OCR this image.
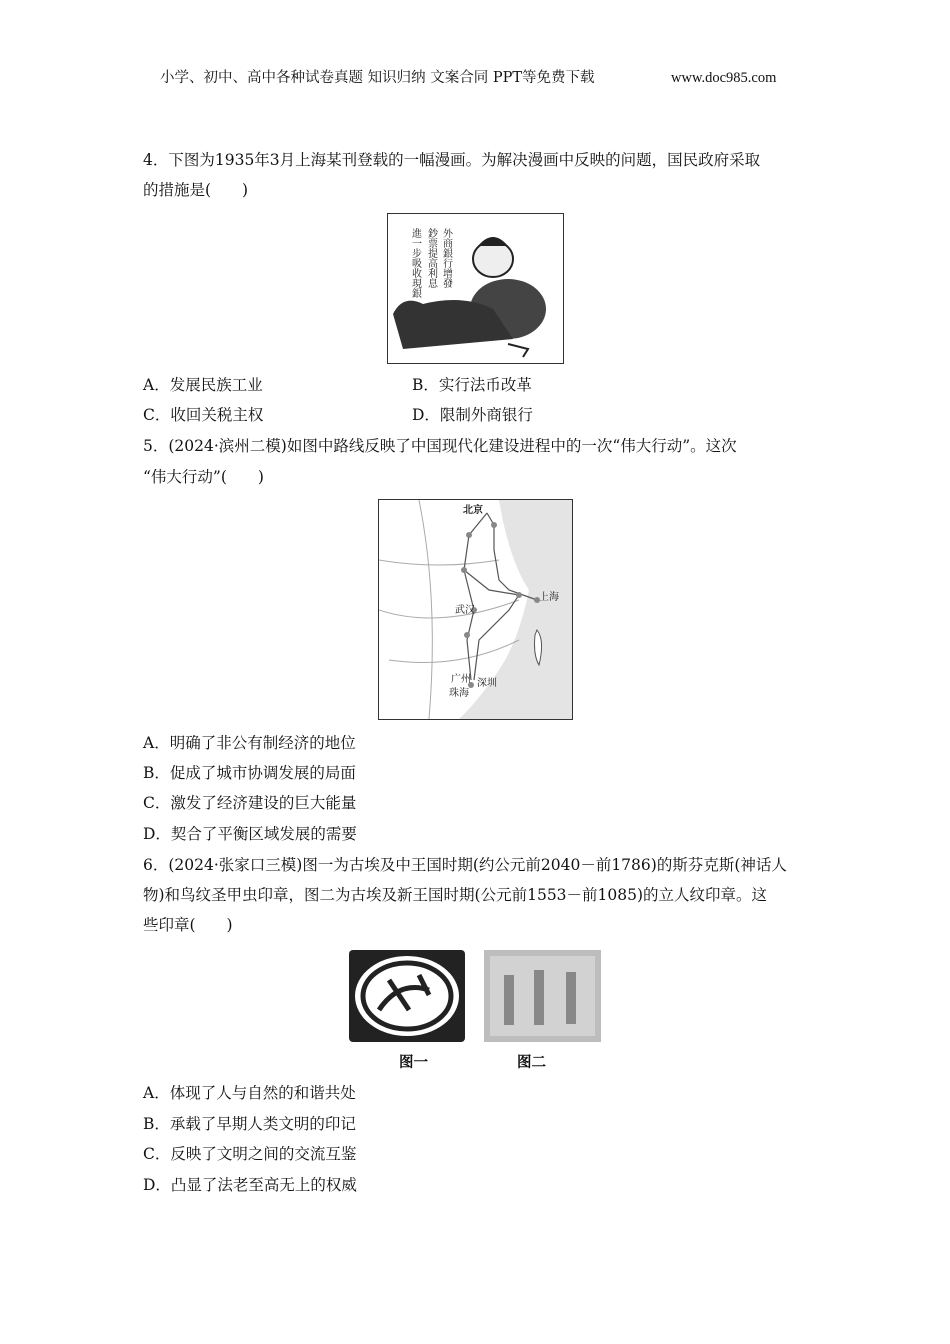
小学、初中、高中各种试卷真题 知识归纳 文案合同 PPT等免费下载	www.doc985.com
4．下图为1935年3月上海某刊登载的一幅漫画。为解决漫画中反映的问题，国民政府采取
的措施是(　　)
外商銀行增發
鈔票提高利息
進一步吸收現銀
A．发展民族工业	B．实行法币改革
C．收回关税主权	D．限制外商银行
5．(2024·滨州二模)如图中路线反映了中国现代化建设进程中的一次“伟大行动”。这次
“伟大行动”(　　)
北京
上海
武汉
广州 深圳
珠海
A．明确了非公有制经济的地位
B．促成了城市协调发展的局面
C．激发了经济建设的巨大能量
D．契合了平衡区域发展的需要
6．(2024·张家口三模)图一为古埃及中王国时期(约公元前2040－前1786)的斯芬克斯(神话人
物)和鸟纹圣甲虫印章，图二为古埃及新王国时期(公元前1553－前1085)的立人纹印章。这
些印章(　　)
图一	图二
A．体现了人与自然的和谐共处
B．承载了早期人类文明的印记
C．反映了文明之间的交流互鉴
D．凸显了法老至高无上的权威
